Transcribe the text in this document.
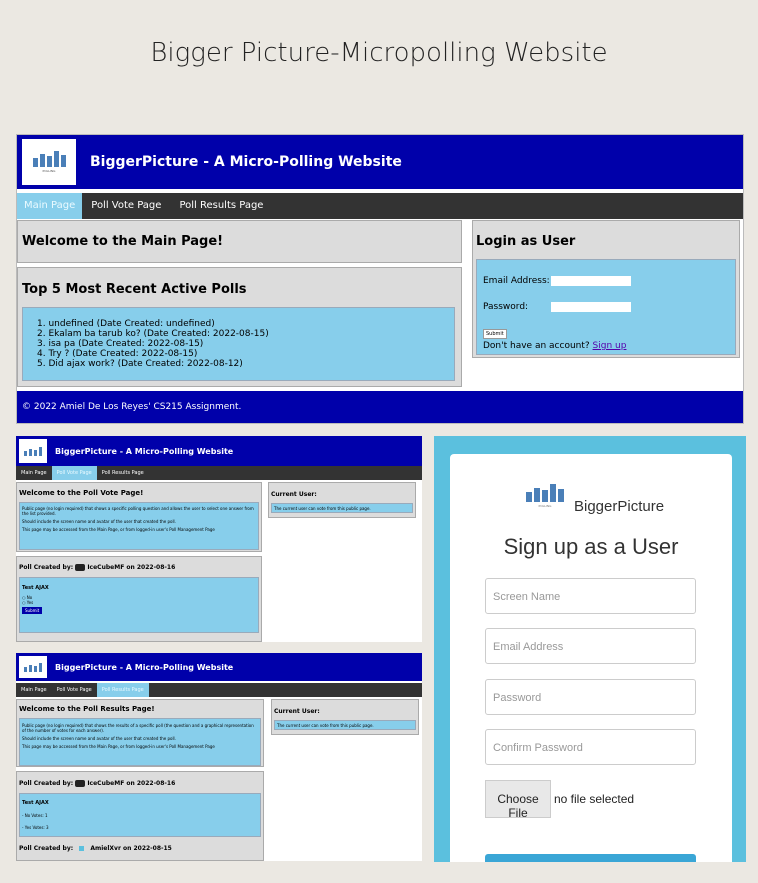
Bigger Picture-Micropolling Website
POLLING
BiggerPicture - A Micro-Polling Website
Main Page	Poll Vote Page	Poll Results Page
Welcome to the Main Page!
Top 5 Most Recent Active Polls
1. undefined (Date Created: undefined)
2. Ekalam ba tarub ko? (Date Created: 2022-08-15)
3. isa pa (Date Created: 2022-08-15)
4. Try ? (Date Created: 2022-08-15)
5. Did ajax work? (Date Created: 2022-08-12)
Login as User
Email Address:
Password:
Submit
Don't have an account? Sign up
© 2022 Amiel De Los Reyes' CS215 Assignment.
BiggerPicture - A Micro-Polling Website
Main Page	Poll Vote Page	Poll Results Page
Welcome to the Poll Vote Page!
Public page (no login required) that shows a specific polling question and allows the user to select one answer from the list provided.
Should include the screen name and avatar of the user that created the poll.
This page may be accessed from the Main Page, or from logged-in user's Poll Management Page
Current User:
The current user can vote from this public page.
Poll Created by: IceCubeMF on 2022-08-16
Test AJAX
○ No
○ Yes
Submit
BiggerPicture - A Micro-Polling Website
Main Page	Poll Vote Page	Poll Results Page
Welcome to the Poll Results Page!
Public page (no login required) that shows the results of a specific poll (the question and a graphical representation of the number of votes for each answer).
Should include the screen name and avatar of the user that created the poll.
This page may be accessed from the Main Page, or from logged-in user's Poll Management Page
Current User:
The current user can vote from this public page.
Poll Created by: IceCubeMF on 2022-08-16
Test AJAX
- No Votes: 1
- Yes Votes: 3
Poll Created by:	AmielXvr on 2022-08-15
POLLING BiggerPicture
Sign up as a User
Screen Name
Email Address
Password
Confirm Password
Choose File
no file selected
